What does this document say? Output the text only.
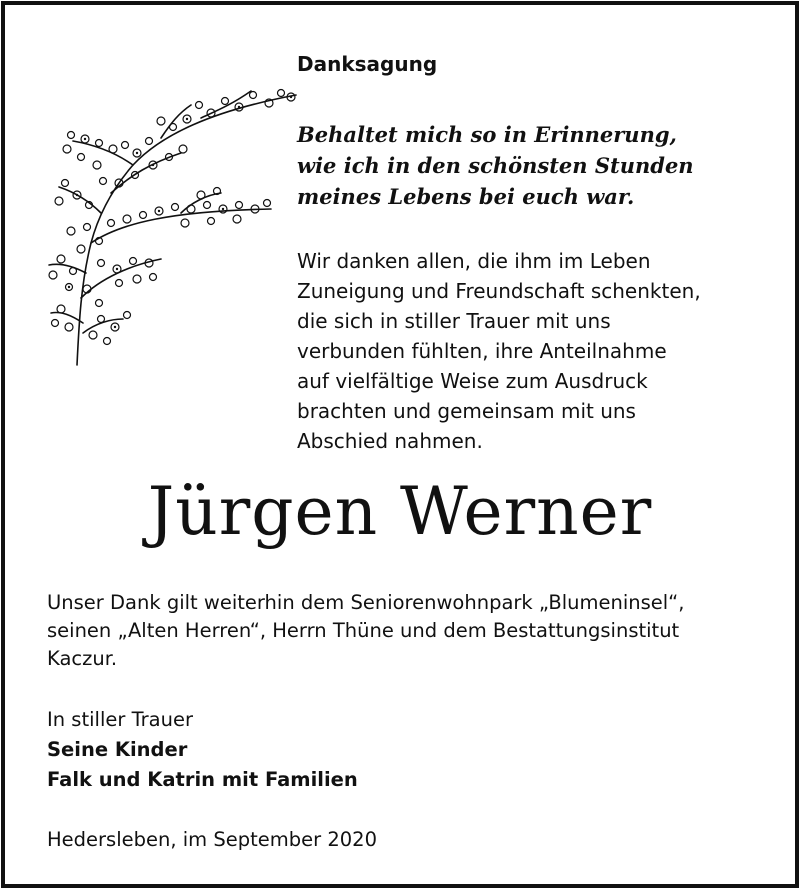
Danksagung
Behaltet mich so in Erinnerung,
wie ich in den schönsten Stunden
meines Lebens bei euch war.
Wir danken allen, die ihm im Leben
Zuneigung und Freundschaft schenkten,
die sich in stiller Trauer mit uns
verbunden fühlten, ihre Anteilnahme
auf vielfältige Weise zum Ausdruck
brachten und gemeinsam mit uns
Abschied nahmen.
Jürgen Werner
Unser Dank gilt weiterhin dem Seniorenwohnpark „Blumeninsel“,
seinen „Alten Herren“, Herrn Thüne und dem Bestattungsinstitut
Kaczur.
In stiller Trauer
Seine Kinder
Falk und Katrin mit Familien
Hedersleben, im September 2020
